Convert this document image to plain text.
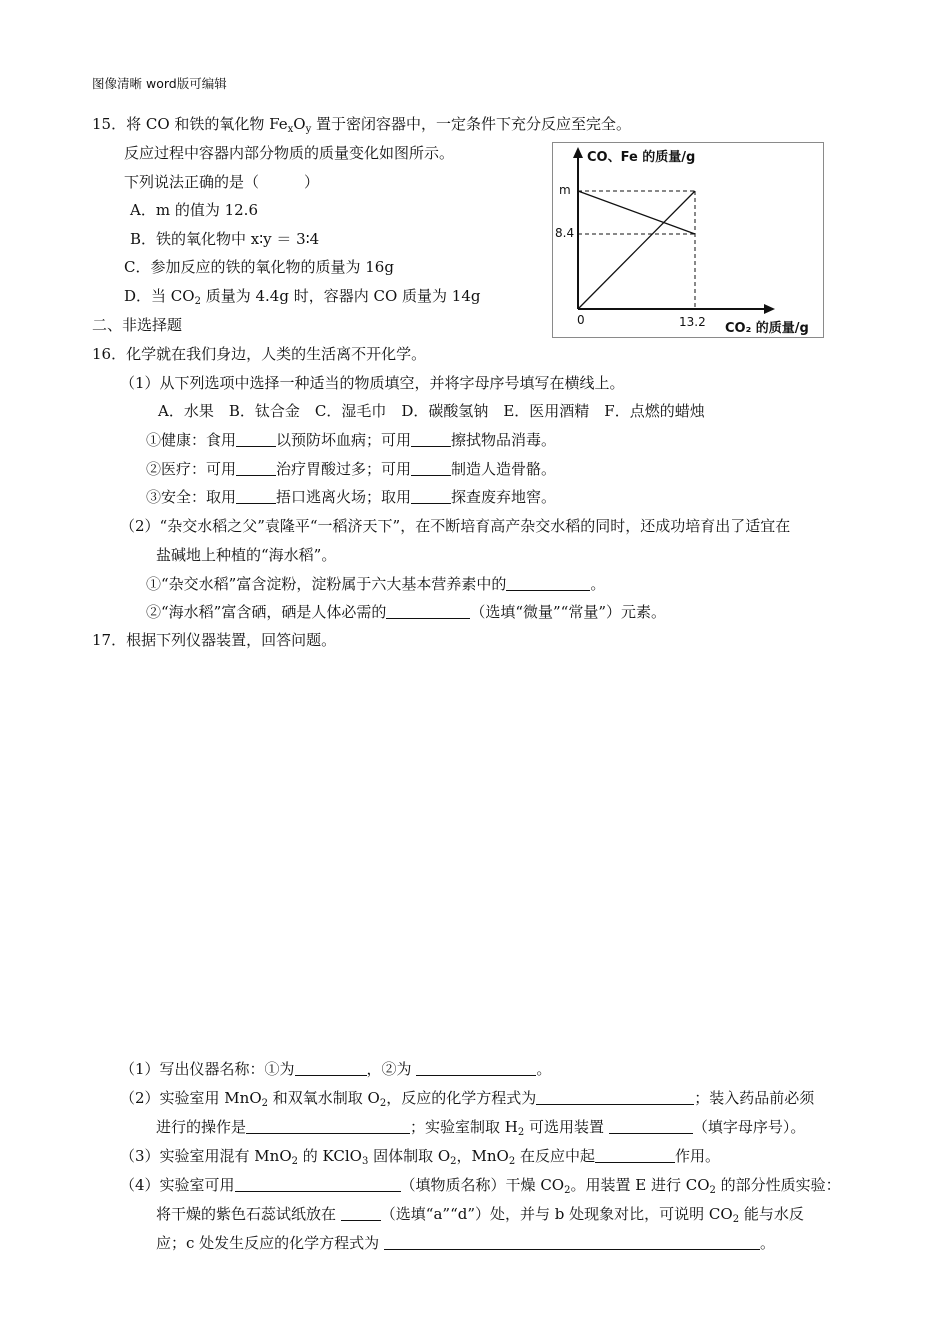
图像清晰 word版可编辑
15．将 CO 和铁的氧化物 $Fe_xO_y$ 置于密闭容器中，一定条件下充分反应至完全。
反应过程中容器内部分物质的质量变化如图所示。
下列说法正确的是（　　　）
A．m 的值为 12.6
B．铁的氧化物中 x∶y ＝ 3∶4
C．参加反应的铁的氧化物的质量为 16g
D．当 $CO_2$ 质量为 4.4g 时，容器内 CO 质量为 14g
CO、Fe 的质量/g
m
8.4
0	13.2 CO₂ 的质量/g
二、非选择题
16．化学就在我们身边，人类的生活离不开化学。
（1）从下列选项中选择一种适当的物质填空，并将字母序号填写在横线上。
A．水果　B．钛合金　C．湿毛巾　D．碳酸氢钠　E．医用酒精　F．点燃的蜡烛
①健康：食用	以预防坏血病；可用	擦拭物品消毒。
②医疗：可用	治疗胃酸过多；可用	制造人造骨骼。
③安全：取用	捂口逃离火场；取用	探查废弃地窖。
（2）“杂交水稻之父”袁隆平“一稻济天下”，在不断培育高产杂交水稻的同时，还成功培育出了适宜在
盐碱地上种植的“海水稻”。
①“杂交水稻”富含淀粉，淀粉属于六大基本营养素中的	。
②“海水稻”富含硒，硒是人体必需的	（选填“微量”“常量”）元素。
17．根据下列仪器装置，回答问题。
（1）写出仪器名称：①为	，②为	。
（2）实验室用 MnO$_2$ 和双氧水制取 $O_2$，反应的化学方程式为	；装入药品前必须
进行的操作是	；实验室制取 $H_2$ 可选用装置	（填字母序号）。
（3）实验室用混有 MnO$_2$ 的 KClO$_3$ 固体制取 $O_2$，MnO$_2$ 在反应中起	作用。
（4）实验室可用	（填物质名称）干燥 $CO_2$。用装置 E 进行 $CO_2$ 的部分性质实验：
将干燥的紫色石蕊试纸放在	（选填“a”“d”）处，并与 b 处现象对比，可说明 $CO_2$ 能与水反
应；c 处发生反应的化学方程式为	。
